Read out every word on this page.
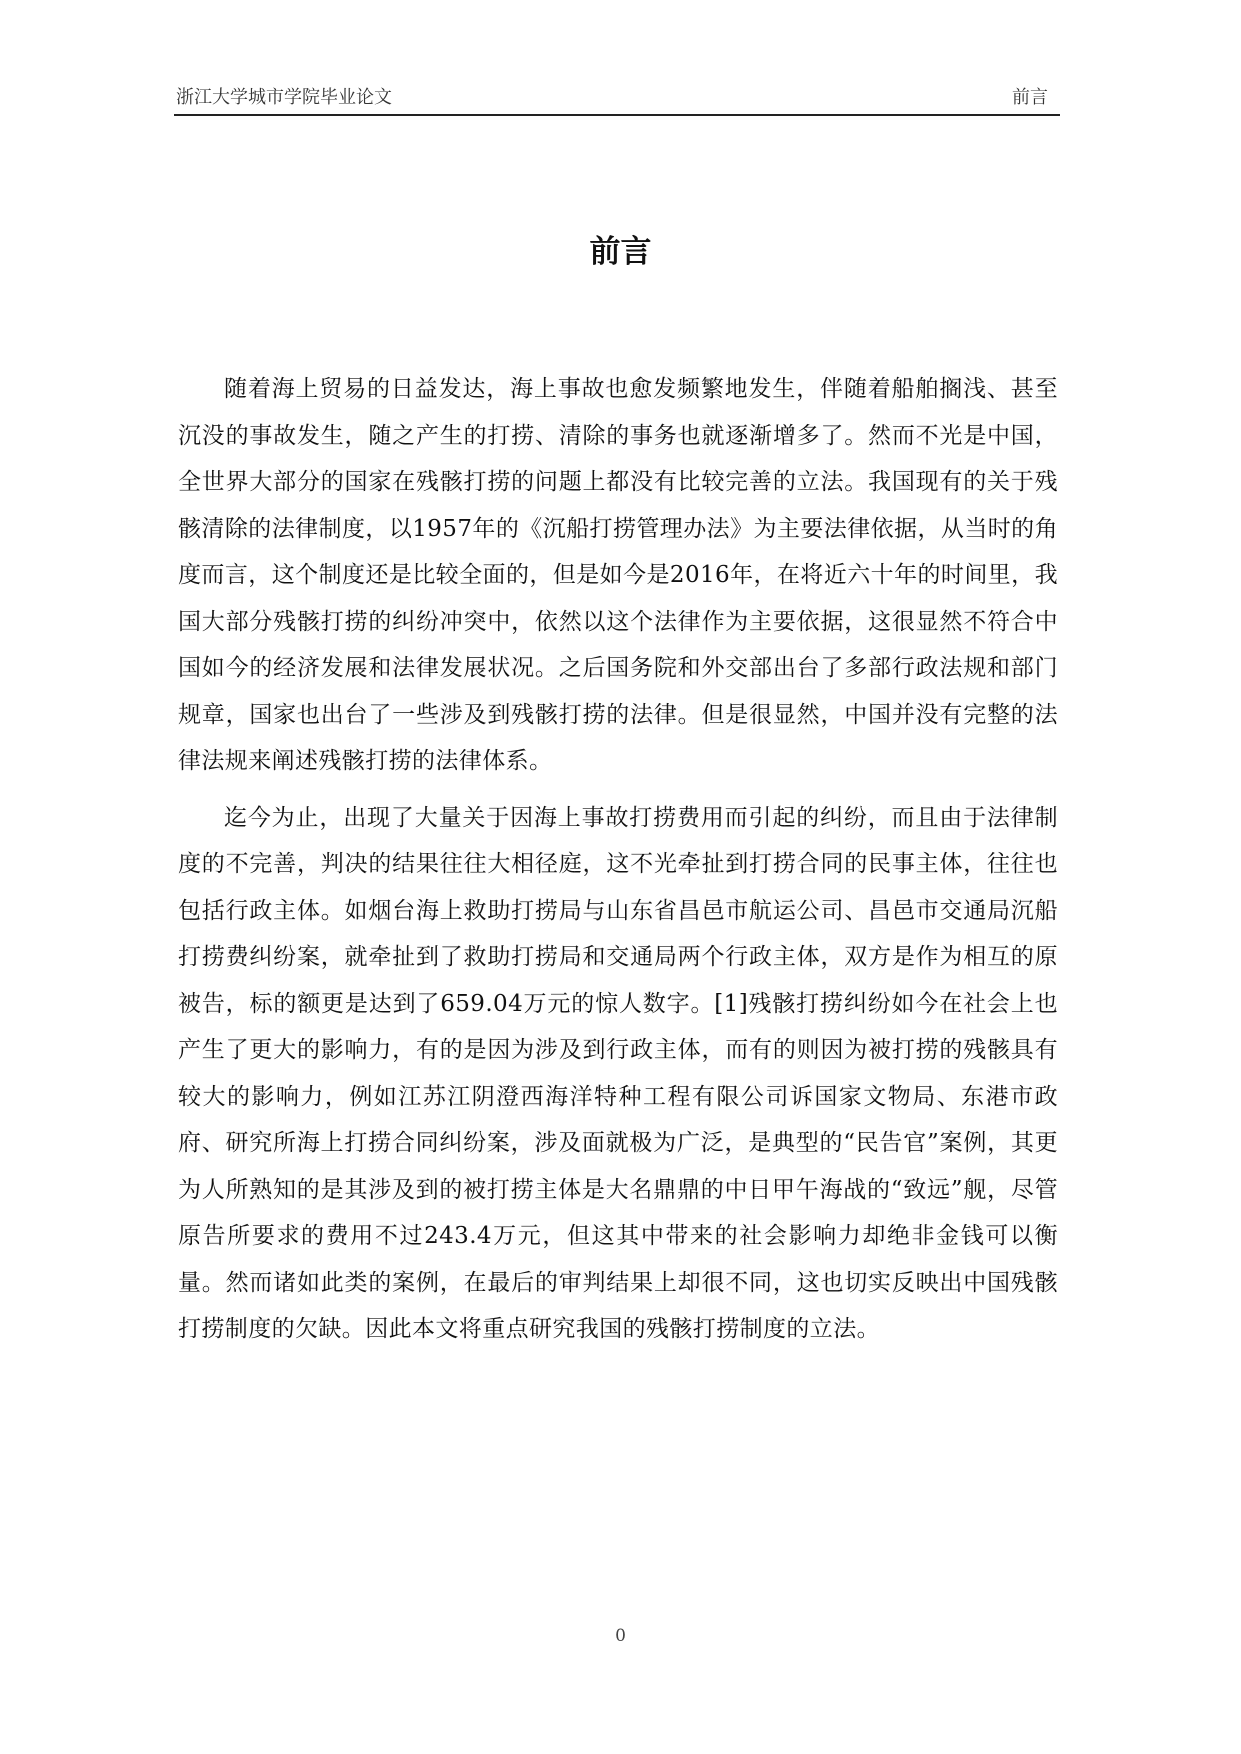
浙江大学城市学院毕业论文	前言
前言

随着海上贸易的日益发达，海上事故也愈发频繁地发生，伴随着船舶搁浅、甚至沉没的事故发生，随之产生的打捞、清除的事务也就逐渐增多了。然而不光是中国，全世界大部分的国家在残骸打捞的问题上都没有比较完善的立法。我国现有的关于残骸清除的法律制度，以1957年的《沉船打捞管理办法》为主要法律依据，从当时的角度而言，这个制度还是比较全面的，但是如今是2016年，在将近六十年的时间里，我国大部分残骸打捞的纠纷冲突中，依然以这个法律作为主要依据，这很显然不符合中国如今的经济发展和法律发展状况。之后国务院和外交部出台了多部行政法规和部门规章，国家也出台了一些涉及到残骸打捞的法律。但是很显然，中国并没有完整的法律法规来阐述残骸打捞的法律体系。

迄今为止，出现了大量关于因海上事故打捞费用而引起的纠纷，而且由于法律制度的不完善，判决的结果往往大相径庭，这不光牵扯到打捞合同的民事主体，往往也包括行政主体。如烟台海上救助打捞局与山东省昌邑市航运公司、昌邑市交通局沉船打捞费纠纷案，就牵扯到了救助打捞局和交通局两个行政主体，双方是作为相互的原被告，标的额更是达到了659.04万元的惊人数字。[1]残骸打捞纠纷如今在社会上也产生了更大的影响力，有的是因为涉及到行政主体，而有的则因为被打捞的残骸具有较大的影响力，例如江苏江阴澄西海洋特种工程有限公司诉国家文物局、东港市政府、研究所海上打捞合同纠纷案，涉及面就极为广泛，是典型的“民告官”案例，其更为人所熟知的是其涉及到的被打捞主体是大名鼎鼎的中日甲午海战的“致远”舰，尽管原告所要求的费用不过243.4万元，但这其中带来的社会影响力却绝非金钱可以衡量。然而诸如此类的案例，在最后的审判结果上却很不同，这也切实反映出中国残骸打捞制度的欠缺。因此本文将重点研究我国的残骸打捞制度的立法。

0
